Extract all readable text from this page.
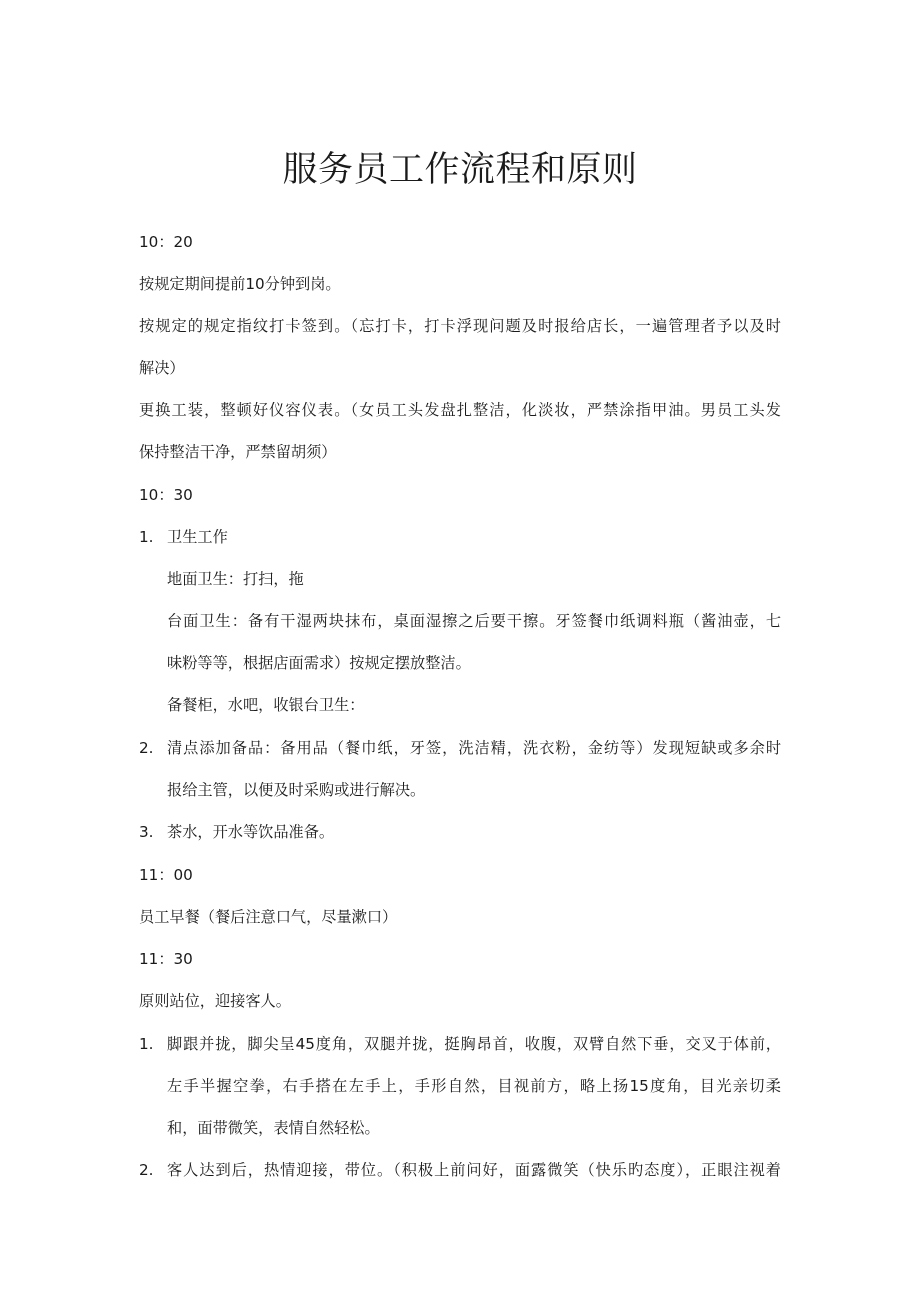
服务员工作流程和原则

10：20

按规定期间提前10分钟到岗。

按规定的规定指纹打卡签到。（忘打卡，打卡浮现问题及时报给店长，一遍管理者予以及时

解决）

更换工装，整顿好仪容仪表。（女员工头发盘扎整洁，化淡妆，严禁涂指甲油。男员工头发

保持整洁干净，严禁留胡须）

10：30

1. 卫生工作

地面卫生：打扫，拖

台面卫生：备有干湿两块抹布，桌面湿擦之后要干擦。牙签餐巾纸调料瓶（酱油壶，七

味粉等等，根据店面需求）按规定摆放整洁。

备餐柜，水吧，收银台卫生：

2. 清点添加备品：备用品（餐巾纸，牙签，洗洁精，洗衣粉，金纺等）发现短缺或多余时

报给主管，以便及时采购或进行解决。

3. 茶水，开水等饮品准备。

11：00

员工早餐（餐后注意口气，尽量漱口）

11：30

原则站位，迎接客人。

1. 脚跟并拢，脚尖呈45度角，双腿并拢，挺胸昂首，收腹，双臂自然下垂，交叉于体前，

左手半握空拳，右手搭在左手上，手形自然，目视前方，略上扬15度角，目光亲切柔

和，面带微笑，表情自然轻松。

2. 客人达到后，热情迎接，带位。（积极上前问好，面露微笑（快乐旳态度），正眼注视着
